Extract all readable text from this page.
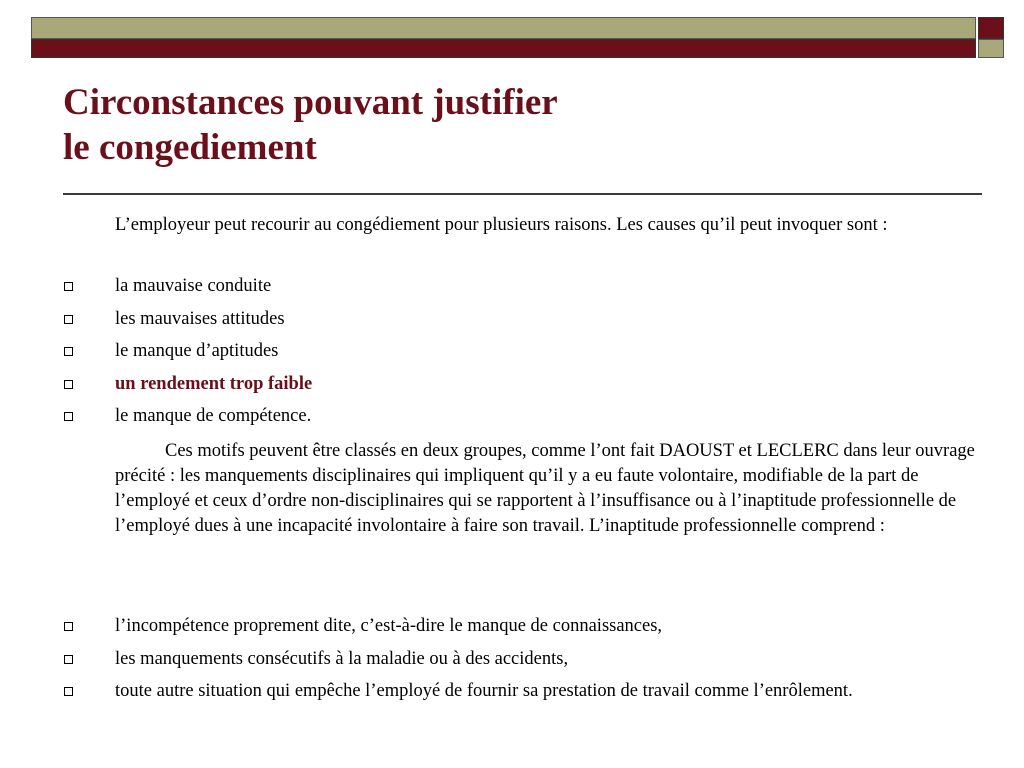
Circonstances pouvant justifier
le congediement

L’employeur peut recourir au congédiement pour plusieurs raisons. Les causes qu’il peut invoquer sont :

la mauvaise conduite
les mauvaises attitudes
le manque d’aptitudes
un rendement trop faible
le manque de compétence.

Ces motifs peuvent être classés en deux groupes, comme l’ont fait DAOUST et LECLERC dans leur ouvrage précité : les manquements disciplinaires qui impliquent qu’il y a eu faute volontaire, modifiable de la part de l’employé et ceux d’ordre non-disciplinaires qui se rapportent à l’insuffisance ou à l’inaptitude professionnelle de l’employé dues à une incapacité involontaire à faire son travail. L’inaptitude professionnelle comprend :

l’incompétence proprement dite, c’est-à-dire le manque de connaissances,
les manquements consécutifs à la maladie ou à des accidents,
toute autre situation qui empêche l’employé de fournir sa prestation de travail comme l’enrôlement.
